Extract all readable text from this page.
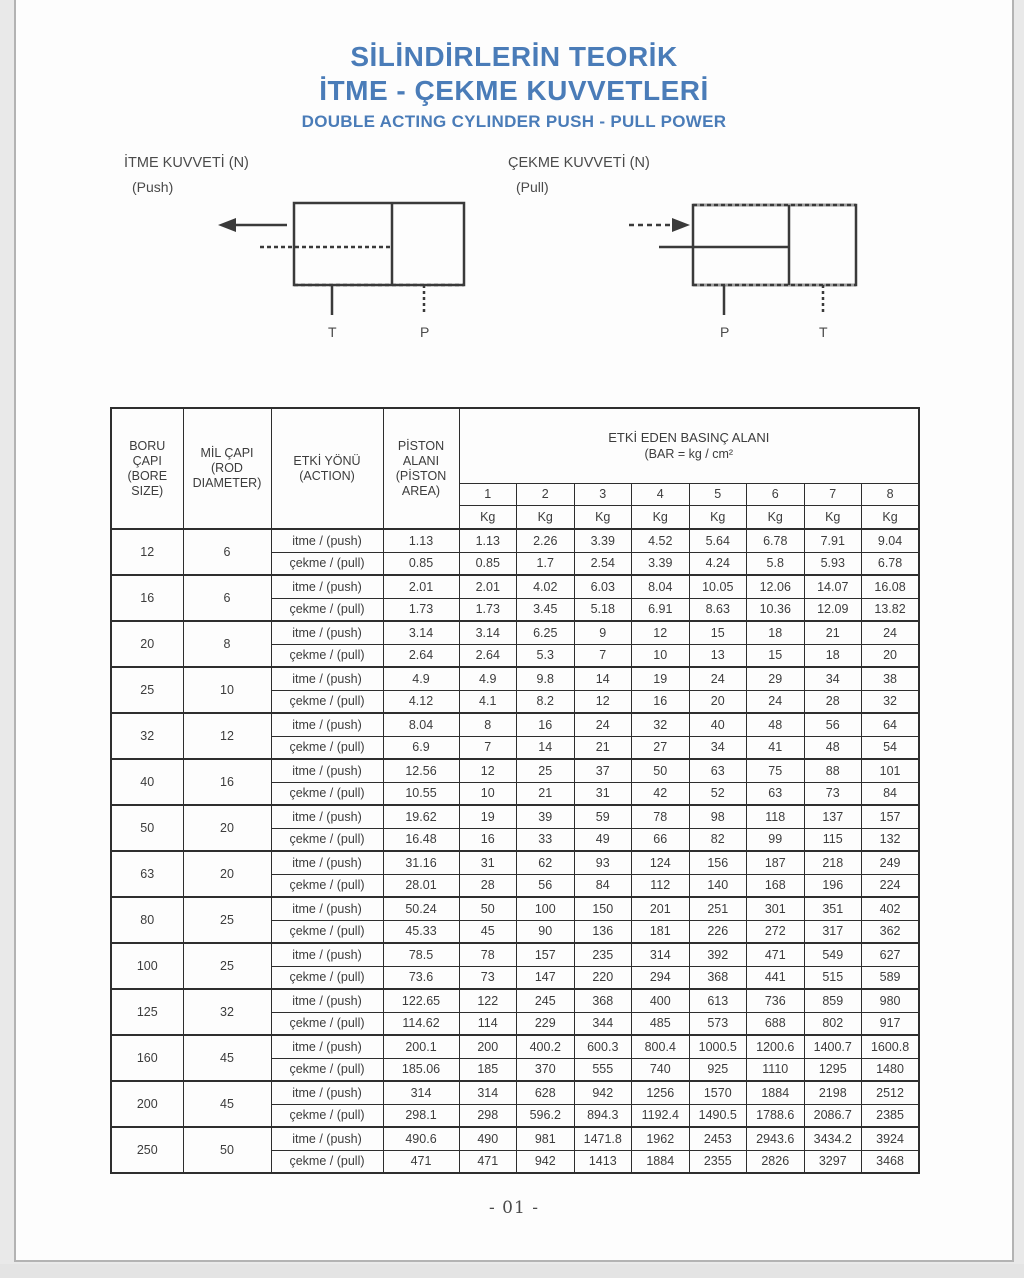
SİLİNDİRLERİN TEORİK
İTME - ÇEKME KUVVETLERİ
DOUBLE ACTING CYLINDER PUSH - PULL POWER
İTME KUVVETİ (N)
(Push)
T	P
ÇEKME KUVVETİ (N)
(Pull)
P	T
BORU ÇAPI (BORE SIZE)	MİL ÇAPI (ROD DIAMETER)	ETKİ YÖNÜ (ACTION)	PİSTON ALANI (PİSTON AREA)	ETKİ EDEN BASINÇ ALANI
(BAR = kg / cm²							

				1	2	3	4	5	6	7	8
				Kg	Kg	Kg	Kg	Kg	Kg	Kg	Kg
12	6	itme / (push)	1.13	1.13	2.26	3.39	4.52	5.64	6.78	7.91	9.04
		çekme / (pull)	0.85	0.85	1.7	2.54	3.39	4.24	5.8	5.93	6.78
16	6	itme / (push)	2.01	2.01	4.02	6.03	8.04	10.05	12.06	14.07	16.08
		çekme / (pull)	1.73	1.73	3.45	5.18	6.91	8.63	10.36	12.09	13.82
20	8	itme / (push)	3.14	3.14	6.25	9	12	15	18	21	24
		çekme / (pull)	2.64	2.64	5.3	7	10	13	15	18	20
25	10	itme / (push)	4.9	4.9	9.8	14	19	24	29	34	38
		çekme / (pull)	4.12	4.1	8.2	12	16	20	24	28	32
32	12	itme / (push)	8.04	8	16	24	32	40	48	56	64
		çekme / (pull)	6.9	7	14	21	27	34	41	48	54
40	16	itme / (push)	12.56	12	25	37	50	63	75	88	101
		çekme / (pull)	10.55	10	21	31	42	52	63	73	84
50	20	itme / (push)	19.62	19	39	59	78	98	118	137	157
		çekme / (pull)	16.48	16	33	49	66	82	99	115	132
63	20	itme / (push)	31.16	31	62	93	124	156	187	218	249
		çekme / (pull)	28.01	28	56	84	112	140	168	196	224
80	25	itme / (push)	50.24	50	100	150	201	251	301	351	402
		çekme / (pull)	45.33	45	90	136	181	226	272	317	362
100	25	itme / (push)	78.5	78	157	235	314	392	471	549	627
		çekme / (pull)	73.6	73	147	220	294	368	441	515	589
125	32	itme / (push)	122.65	122	245	368	400	613	736	859	980
		çekme / (pull)	114.62	114	229	344	485	573	688	802	917
160	45	itme / (push)	200.1	200	400.2	600.3	800.4	1000.5	1200.6	1400.7	1600.8
		çekme / (pull)	185.06	185	370	555	740	925	1110	1295	1480
200	45	itme / (push)	314	314	628	942	1256	1570	1884	2198	2512
		çekme / (pull)	298.1	298	596.2	894.3	1192.4	1490.5	1788.6	2086.7	2385
250	50	itme / (push)	490.6	490	981	1471.8	1962	2453	2943.6	3434.2	3924
		çekme / (pull)	471	471	942	1413	1884	2355	2826	3297	3468
- 01 -
